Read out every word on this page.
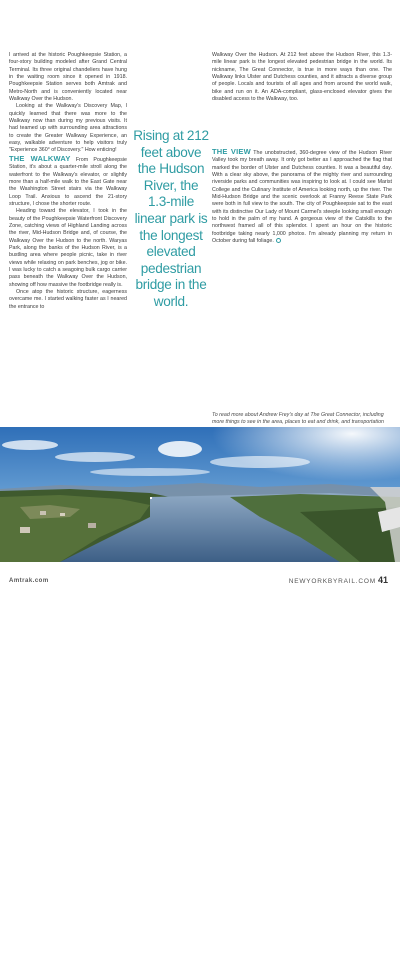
I arrived at the historic Poughkeepsie Station, a four-story building modeled after Grand Central Terminal. Its three original chandeliers have hung in the waiting room since it opened in 1918. Poughkeepsie Station serves both Amtrak and Metro-North and is conveniently located near Walkway Over the Hudson.

Looking at the Walkway's Discovery Map, I quickly learned that there was more to the Walkway now than during my previous visits. It had teamed up with surrounding area attractions to create the Greater Walkway Experience, an easy, walkable adventure to help visitors truly "Experience 360° of Discovery." How enticing!

THE WALKWAY From Poughkeepsie Station, it's about a quarter-mile stroll along the waterfront to the Walkway's elevator, or slightly more than a half-mile walk to the East Gate near the Washington Street stairs via the Walkway Loop Trail. Anxious to ascend the 21-story structure, I chose the shorter route.

Heading toward the elevator, I took in the beauty of the Poughkeepsie Waterfront Discovery Zone, catching views of Highland Landing across the river, Mid-Hudson Bridge and, of course, the Walkway Over the Hudson to the north. Waryas Park, along the banks of the Hudson River, is a bustling area where people picnic, take in river views while relaxing on park benches, jog or bike. I was lucky to catch a seagoing bulk cargo carrier pass beneath the Walkway Over the Hudson, showing off how massive the footbridge really is.

Once atop the historic structure, eagerness overcame me. I started walking faster as I neared the entrance to

Rising at 212 feet above the Hudson River, the 1.3-mile linear park is the longest elevated pedestrian bridge in the world.

Walkway Over the Hudson. At 212 feet above the Hudson River, this 1.3-mile linear park is the longest elevated pedestrian bridge in the world. Its nickname, The Great Connector, is true in more ways than one. The Walkway links Ulster and Dutchess counties, and it attracts a diverse group of people. Locals and tourists of all ages and from around the world walk, bike and run on it. An ADA-compliant, glass-enclosed elevator gives the disabled access to the Walkway, too.

THE VIEW The unobstructed, 360-degree view of the Hudson River Valley took my breath away. It only got better as I approached the flag that marked the border of Ulster and Dutchess counties. It was a beautiful day. With a clear sky above, the panorama of the mighty river and surrounding riverside parks and communities was inspiring to look at. I could see Marist College and the Culinary Institute of America looking north, up the river. The Mid-Hudson Bridge and the scenic overlook at Franny Reese State Park were both in full view to the south. The city of Poughkeepsie sat to the east with its distinctive Our Lady of Mount Carmel's steeple looking small enough to hold in the palm of my hand. A gorgeous view of the Catskills to the northwest framed all of this splendor. I spent an hour on the historic footbridge taking nearly 1,000 photos. I'm already planning my return in October during fall foliage.

To read more about Andrew Frey's day at The Great Connector, including more things to see in the area, places to eat and drink, and transportation
View from atop Walkway Over the Hudson.
Amtrak.com	NEWYORKBYRAIL.COM 41
